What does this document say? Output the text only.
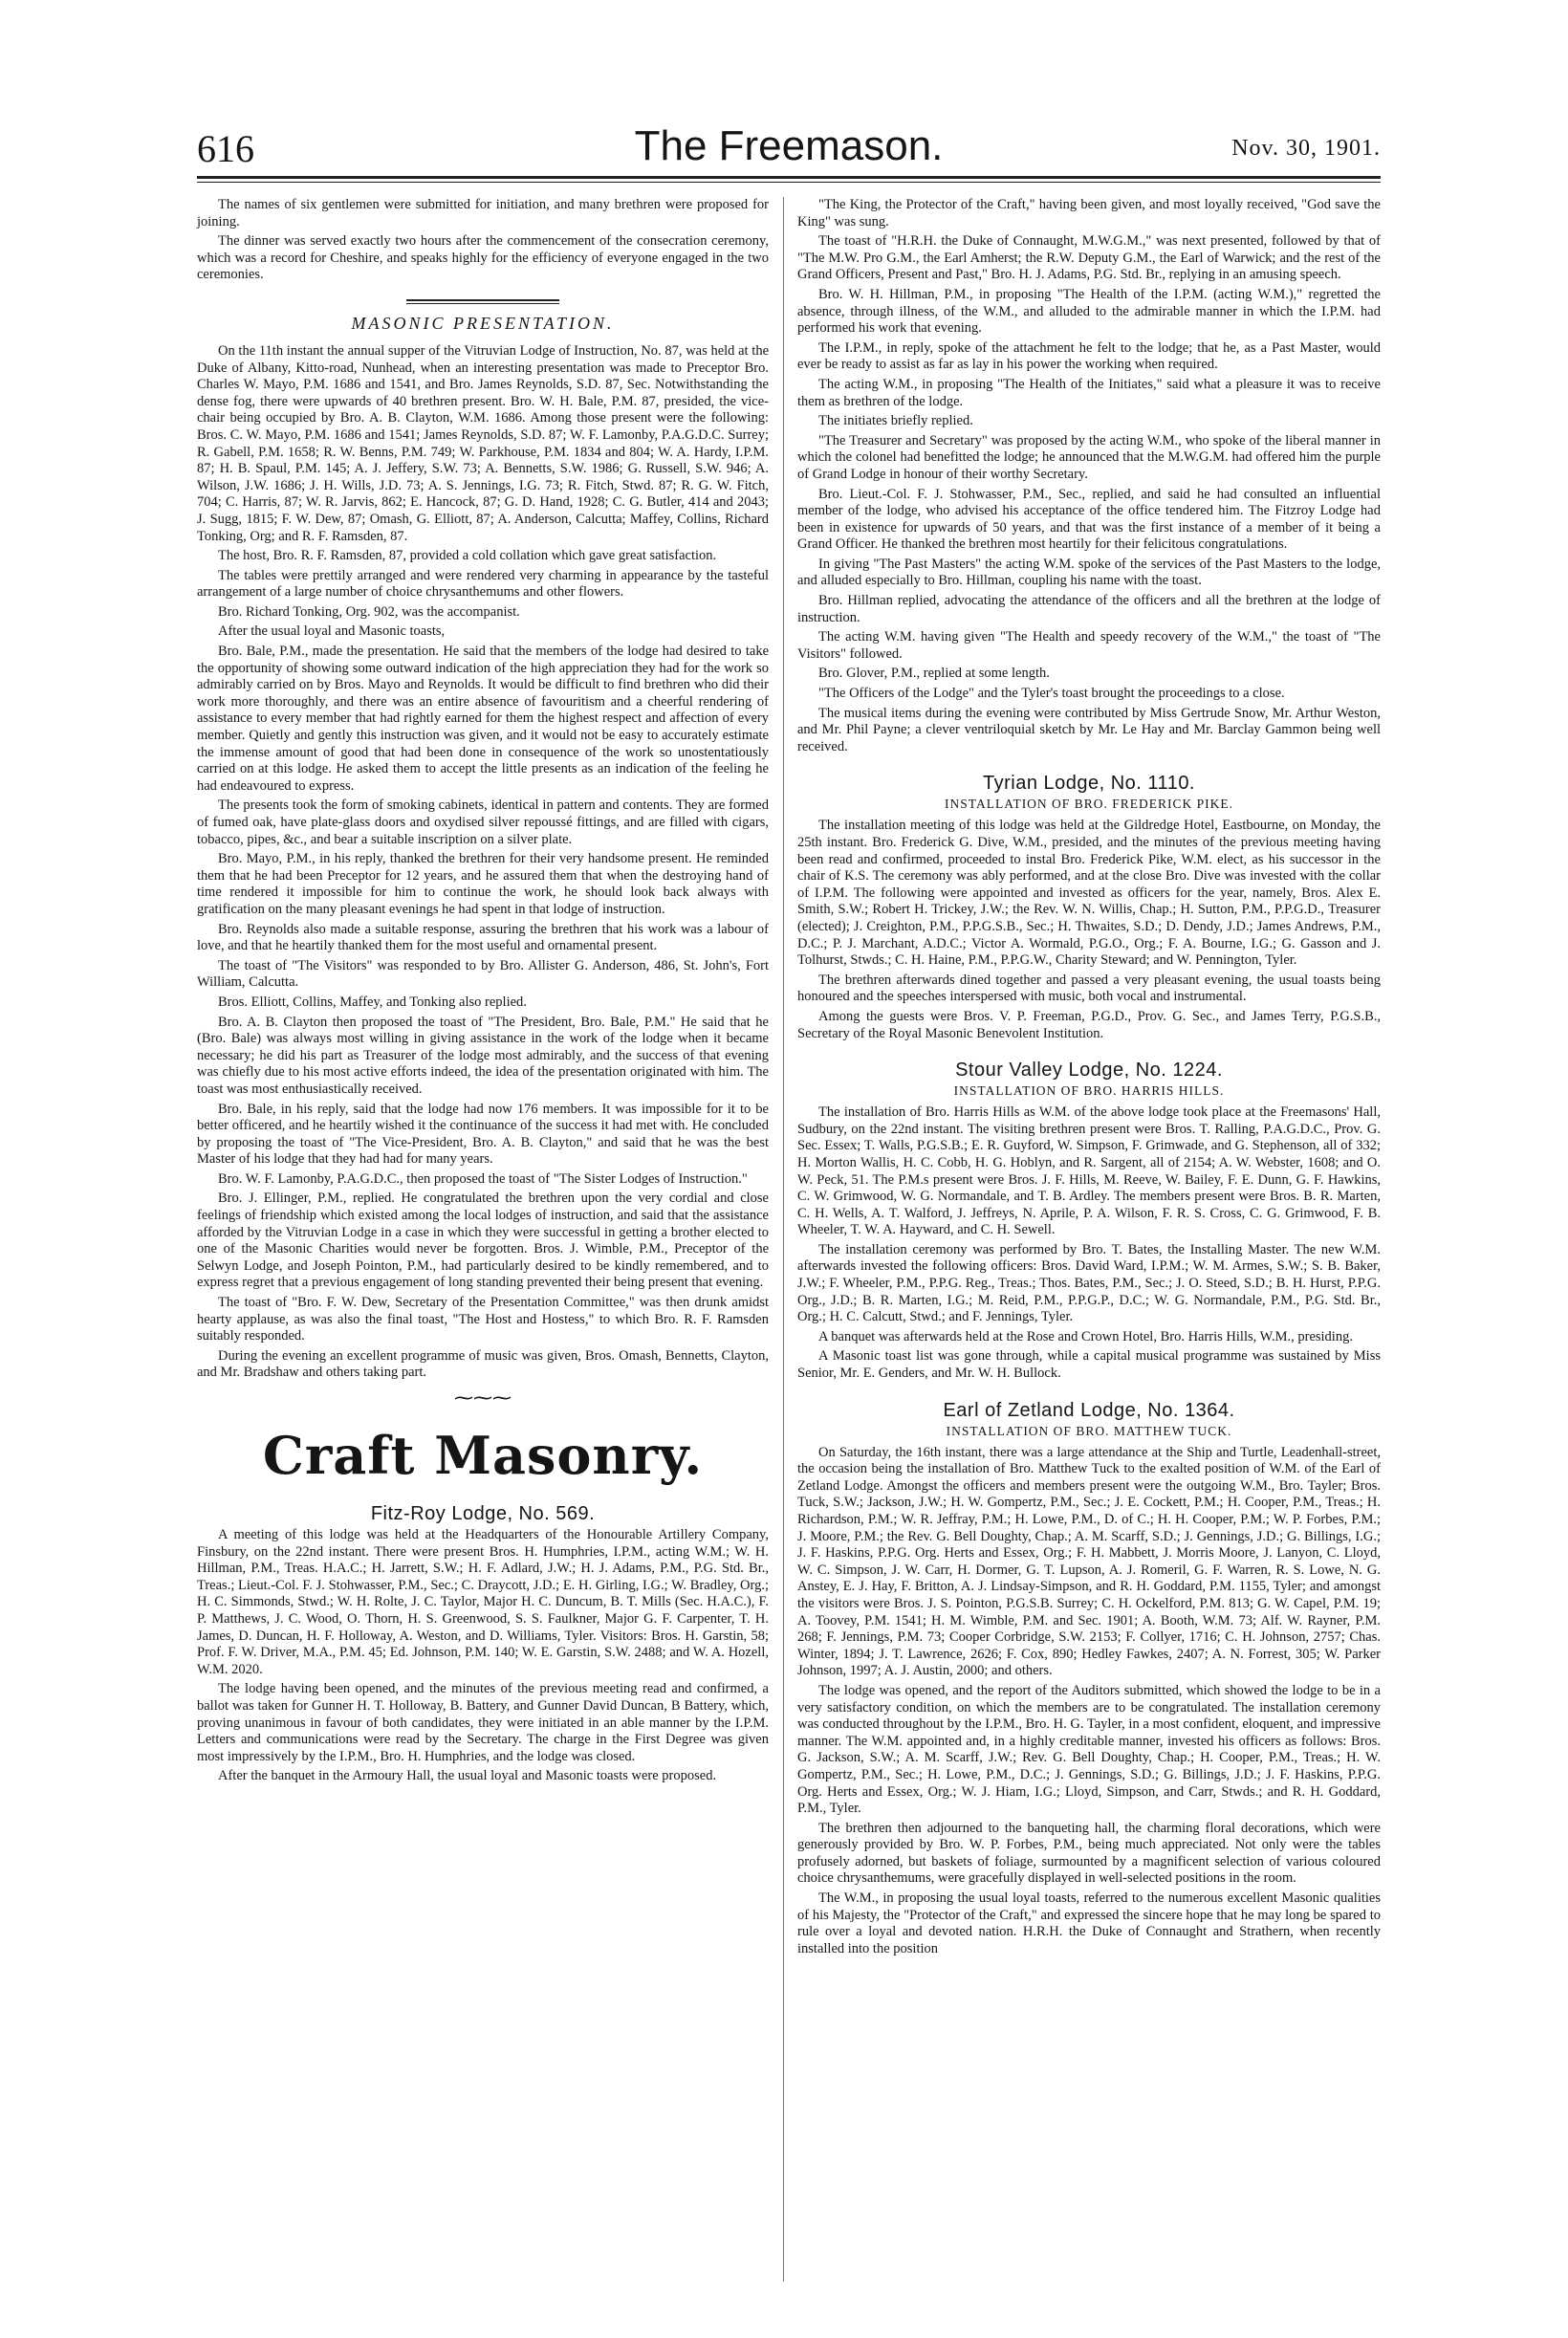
616	The Freemason.	Nov. 30, 1901.

The names of six gentlemen were submitted for initiation, and many brethren were proposed for joining.

The dinner was served exactly two hours after the commencement of the consecration ceremony, which was a record for Cheshire, and speaks highly for the efficiency of everyone engaged in the two ceremonies.

MASONIC PRESENTATION.

On the 11th instant the annual supper of the Vitruvian Lodge of Instruction, No. 87, was held at the Duke of Albany, Kitto-road, Nunhead, when an interesting presentation was made to Preceptor Bro. Charles W. Mayo, P.M. 1686 and 1541, and Bro. James Reynolds, S.D. 87, Sec. Notwithstanding the dense fog, there were upwards of 40 brethren present. Bro. W. H. Bale, P.M. 87, presided, the vice-chair being occupied by Bro. A. B. Clayton, W.M. 1686. Among those present were the following: Bros. C. W. Mayo, P.M. 1686 and 1541; James Reynolds, S.D. 87; W. F. Lamonby, P.A.G.D.C. Surrey; R. Gabell, P.M. 1658; R. W. Benns, P.M. 749; W. Parkhouse, P.M. 1834 and 804; W. A. Hardy, I.P.M. 87; H. B. Spaul, P.M. 145; A. J. Jeffery, S.W. 73; A. Bennetts, S.W. 1986; G. Russell, S.W. 946; A. Wilson, J.W. 1686; J. H. Wills, J.D. 73; A. S. Jennings, I.G. 73; R. Fitch, Stwd. 87; R. G. W. Fitch, 704; C. Harris, 87; W. R. Jarvis, 862; E. Hancock, 87; G. D. Hand, 1928; C. G. Butler, 414 and 2043; J. Sugg, 1815; F. W. Dew, 87; Omash, G. Elliott, 87; A. Anderson, Calcutta; Maffey, Collins, Richard Tonking, Org; and R. F. Ramsden, 87.

The host, Bro. R. F. Ramsden, 87, provided a cold collation which gave great satisfaction.

The tables were prettily arranged and were rendered very charming in appearance by the tasteful arrangement of a large number of choice chrysanthemums and other flowers.

Bro. Richard Tonking, Org. 902, was the accompanist.

After the usual loyal and Masonic toasts,

Bro. Bale, P.M., made the presentation. He said that the members of the lodge had desired to take the opportunity of showing some outward indication of the high appreciation they had for the work so admirably carried on by Bros. Mayo and Reynolds. It would be difficult to find brethren who did their work more thoroughly, and there was an entire absence of favouritism and a cheerful rendering of assistance to every member that had rightly earned for them the highest respect and affection of every member. Quietly and gently this instruction was given, and it would not be easy to accurately estimate the immense amount of good that had been done in consequence of the work so unostentatiously carried on at this lodge. He asked them to accept the little presents as an indication of the feeling he had endeavoured to express.

The presents took the form of smoking cabinets, identical in pattern and contents. They are formed of fumed oak, have plate-glass doors and oxydised silver repoussé fittings, and are filled with cigars, tobacco, pipes, &c., and bear a suitable inscription on a silver plate.

Bro. Mayo, P.M., in his reply, thanked the brethren for their very handsome present. He reminded them that he had been Preceptor for 12 years, and he assured them that when the destroying hand of time rendered it impossible for him to continue the work, he should look back always with gratification on the many pleasant evenings he had spent in that lodge of instruction.

Bro. Reynolds also made a suitable response, assuring the brethren that his work was a labour of love, and that he heartily thanked them for the most useful and ornamental present.

The toast of "The Visitors" was responded to by Bro. Allister G. Anderson, 486, St. John's, Fort William, Calcutta.

Bros. Elliott, Collins, Maffey, and Tonking also replied.

Bro. A. B. Clayton then proposed the toast of "The President, Bro. Bale, P.M." He said that he (Bro. Bale) was always most willing in giving assistance in the work of the lodge when it became necessary; he did his part as Treasurer of the lodge most admirably, and the success of that evening was chiefly due to his most active efforts indeed, the idea of the presentation originated with him. The toast was most enthusiastically received.

Bro. Bale, in his reply, said that the lodge had now 176 members. It was impossible for it to be better officered, and he heartily wished it the continuance of the success it had met with. He concluded by proposing the toast of "The Vice-President, Bro. A. B. Clayton," and said that he was the best Master of his lodge that they had had for many years.

Bro. W. F. Lamonby, P.A.G.D.C., then proposed the toast of "The Sister Lodges of Instruction."

Bro. J. Ellinger, P.M., replied. He congratulated the brethren upon the very cordial and close feelings of friendship which existed among the local lodges of instruction, and said that the assistance afforded by the Vitruvian Lodge in a case in which they were successful in getting a brother elected to one of the Masonic Charities would never be forgotten. Bros. J. Wimble, P.M., Preceptor of the Selwyn Lodge, and Joseph Pointon, P.M., had particularly desired to be kindly remembered, and to express regret that a previous engagement of long standing prevented their being present that evening.

The toast of "Bro. F. W. Dew, Secretary of the Presentation Committee," was then drunk amidst hearty applause, as was also the final toast, "The Host and Hostess," to which Bro. R. F. Ramsden suitably responded.

During the evening an excellent programme of music was given, Bros. Omash, Bennetts, Clayton, and Mr. Bradshaw and others taking part.

⁓⁓⁓
Craft Masonry.
Fitz-Roy Lodge, No. 569.

A meeting of this lodge was held at the Headquarters of the Honourable Artillery Company, Finsbury, on the 22nd instant. There were present Bros. H. Humphries, I.P.M., acting W.M.; W. H. Hillman, P.M., Treas. H.A.C.; H. Jarrett, S.W.; H. F. Adlard, J.W.; H. J. Adams, P.M., P.G. Std. Br., Treas.; Lieut.-Col. F. J. Stohwasser, P.M., Sec.; C. Draycott, J.D.; E. H. Girling, I.G.; W. Bradley, Org.; H. C. Simmonds, Stwd.; W. H. Rolte, J. C. Taylor, Major H. C. Duncum, B. T. Mills (Sec. H.A.C.), F. P. Matthews, J. C. Wood, O. Thorn, H. S. Greenwood, S. S. Faulkner, Major G. F. Carpenter, T. H. James, D. Duncan, H. F. Holloway, A. Weston, and D. Williams, Tyler. Visitors: Bros. H. Garstin, 58; Prof. F. W. Driver, M.A., P.M. 45; Ed. Johnson, P.M. 140; W. E. Garstin, S.W. 2488; and W. A. Hozell, W.M. 2020.

The lodge having been opened, and the minutes of the previous meeting read and confirmed, a ballot was taken for Gunner H. T. Holloway, B. Battery, and Gunner David Duncan, B Battery, which, proving unanimous in favour of both candidates, they were initiated in an able manner by the I.P.M. Letters and communications were read by the Secretary. The charge in the First Degree was given most impressively by the I.P.M., Bro. H. Humphries, and the lodge was closed.

After the banquet in the Armoury Hall, the usual loyal and Masonic toasts were proposed.

"The King, the Protector of the Craft," having been given, and most loyally received, "God save the King" was sung.

The toast of "H.R.H. the Duke of Connaught, M.W.G.M.," was next presented, followed by that of "The M.W. Pro G.M., the Earl Amherst; the R.W. Deputy G.M., the Earl of Warwick; and the rest of the Grand Officers, Present and Past," Bro. H. J. Adams, P.G. Std. Br., replying in an amusing speech.

Bro. W. H. Hillman, P.M., in proposing "The Health of the I.P.M. (acting W.M.)," regretted the absence, through illness, of the W.M., and alluded to the admirable manner in which the I.P.M. had performed his work that evening.

The I.P.M., in reply, spoke of the attachment he felt to the lodge; that he, as a Past Master, would ever be ready to assist as far as lay in his power the working when required.

The acting W.M., in proposing "The Health of the Initiates," said what a pleasure it was to receive them as brethren of the lodge.

The initiates briefly replied.

"The Treasurer and Secretary" was proposed by the acting W.M., who spoke of the liberal manner in which the colonel had benefitted the lodge; he announced that the M.W.G.M. had offered him the purple of Grand Lodge in honour of their worthy Secretary.

Bro. Lieut.-Col. F. J. Stohwasser, P.M., Sec., replied, and said he had consulted an influential member of the lodge, who advised his acceptance of the office tendered him. The Fitzroy Lodge had been in existence for upwards of 50 years, and that was the first instance of a member of it being a Grand Officer. He thanked the brethren most heartily for their felicitous congratulations.

In giving "The Past Masters" the acting W.M. spoke of the services of the Past Masters to the lodge, and alluded especially to Bro. Hillman, coupling his name with the toast.

Bro. Hillman replied, advocating the attendance of the officers and all the brethren at the lodge of instruction.

The acting W.M. having given "The Health and speedy recovery of the W.M.," the toast of "The Visitors" followed.

Bro. Glover, P.M., replied at some length.

"The Officers of the Lodge" and the Tyler's toast brought the proceedings to a close.

The musical items during the evening were contributed by Miss Gertrude Snow, Mr. Arthur Weston, and Mr. Phil Payne; a clever ventriloquial sketch by Mr. Le Hay and Mr. Barclay Gammon being well received.

Tyrian Lodge, No. 1110.
INSTALLATION OF BRO. FREDERICK PIKE.

The installation meeting of this lodge was held at the Gildredge Hotel, Eastbourne, on Monday, the 25th instant. Bro. Frederick G. Dive, W.M., presided, and the minutes of the previous meeting having been read and confirmed, proceeded to instal Bro. Frederick Pike, W.M. elect, as his successor in the chair of K.S. The ceremony was ably performed, and at the close Bro. Dive was invested with the collar of I.P.M. The following were appointed and invested as officers for the year, namely, Bros. Alex E. Smith, S.W.; Robert H. Trickey, J.W.; the Rev. W. N. Willis, Chap.; H. Sutton, P.M., P.P.G.D., Treasurer (elected); J. Creighton, P.M., P.P.G.S.B., Sec.; H. Thwaites, S.D.; D. Dendy, J.D.; James Andrews, P.M., D.C.; P. J. Marchant, A.D.C.; Victor A. Wormald, P.G.O., Org.; F. A. Bourne, I.G.; G. Gasson and J. Tolhurst, Stwds.; C. H. Haine, P.M., P.P.G.W., Charity Steward; and W. Pennington, Tyler.

The brethren afterwards dined together and passed a very pleasant evening, the usual toasts being honoured and the speeches interspersed with music, both vocal and instrumental.

Among the guests were Bros. V. P. Freeman, P.G.D., Prov. G. Sec., and James Terry, P.G.S.B., Secretary of the Royal Masonic Benevolent Institution.

Stour Valley Lodge, No. 1224.
INSTALLATION OF BRO. HARRIS HILLS.

The installation of Bro. Harris Hills as W.M. of the above lodge took place at the Freemasons' Hall, Sudbury, on the 22nd instant. The visiting brethren present were Bros. T. Ralling, P.A.G.D.C., Prov. G. Sec. Essex; T. Walls, P.G.S.B.; E. R. Guyford, W. Simpson, F. Grimwade, and G. Stephenson, all of 332; H. Morton Wallis, H. C. Cobb, H. G. Hoblyn, and R. Sargent, all of 2154; A. W. Webster, 1608; and O. W. Peck, 51. The P.M.s present were Bros. J. F. Hills, M. Reeve, W. Bailey, F. E. Dunn, G. F. Hawkins, C. W. Grimwood, W. G. Normandale, and T. B. Ardley. The members present were Bros. B. R. Marten, C. H. Wells, A. T. Walford, J. Jeffreys, N. Aprile, P. A. Wilson, F. R. S. Cross, C. G. Grimwood, F. B. Wheeler, T. W. A. Hayward, and C. H. Sewell.

The installation ceremony was performed by Bro. T. Bates, the Installing Master. The new W.M. afterwards invested the following officers: Bros. David Ward, I.P.M.; W. M. Armes, S.W.; S. B. Baker, J.W.; F. Wheeler, P.M., P.P.G. Reg., Treas.; Thos. Bates, P.M., Sec.; J. O. Steed, S.D.; B. H. Hurst, P.P.G. Org., J.D.; B. R. Marten, I.G.; M. Reid, P.M., P.P.G.P., D.C.; W. G. Normandale, P.M., P.G. Std. Br., Org.; H. C. Calcutt, Stwd.; and F. Jennings, Tyler.

A banquet was afterwards held at the Rose and Crown Hotel, Bro. Harris Hills, W.M., presiding.

A Masonic toast list was gone through, while a capital musical programme was sustained by Miss Senior, Mr. E. Genders, and Mr. W. H. Bullock.

Earl of Zetland Lodge, No. 1364.
INSTALLATION OF BRO. MATTHEW TUCK.

On Saturday, the 16th instant, there was a large attendance at the Ship and Turtle, Leadenhall-street, the occasion being the installation of Bro. Matthew Tuck to the exalted position of W.M. of the Earl of Zetland Lodge. Amongst the officers and members present were the outgoing W.M., Bro. Tayler; Bros. Tuck, S.W.; Jackson, J.W.; H. W. Gompertz, P.M., Sec.; J. E. Cockett, P.M.; H. Cooper, P.M., Treas.; H. Richardson, P.M.; W. R. Jeffray, P.M.; H. Lowe, P.M., D. of C.; H. H. Cooper, P.M.; W. P. Forbes, P.M.; J. Moore, P.M.; the Rev. G. Bell Doughty, Chap.; A. M. Scarff, S.D.; J. Gennings, J.D.; G. Billings, I.G.; J. F. Haskins, P.P.G. Org. Herts and Essex, Org.; F. H. Mabbett, J. Morris Moore, J. Lanyon, C. Lloyd, W. C. Simpson, J. W. Carr, H. Dormer, G. T. Lupson, A. J. Romeril, G. F. Warren, R. S. Lowe, N. G. Anstey, E. J. Hay, F. Britton, A. J. Lindsay-Simpson, and R. H. Goddard, P.M. 1155, Tyler; and amongst the visitors were Bros. J. S. Pointon, P.G.S.B. Surrey; C. H. Ockelford, P.M. 813; G. W. Capel, P.M. 19; A. Toovey, P.M. 1541; H. M. Wimble, P.M. and Sec. 1901; A. Booth, W.M. 73; Alf. W. Rayner, P.M. 268; F. Jennings, P.M. 73; Cooper Corbridge, S.W. 2153; F. Collyer, 1716; C. H. Johnson, 2757; Chas. Winter, 1894; J. T. Lawrence, 2626; F. Cox, 890; Hedley Fawkes, 2407; A. N. Forrest, 305; W. Parker Johnson, 1997; A. J. Austin, 2000; and others.

The lodge was opened, and the report of the Auditors submitted, which showed the lodge to be in a very satisfactory condition, on which the members are to be congratulated. The installation ceremony was conducted throughout by the I.P.M., Bro. H. G. Tayler, in a most confident, eloquent, and impressive manner. The W.M. appointed and, in a highly creditable manner, invested his officers as follows: Bros. G. Jackson, S.W.; A. M. Scarff, J.W.; Rev. G. Bell Doughty, Chap.; H. Cooper, P.M., Treas.; H. W. Gompertz, P.M., Sec.; H. Lowe, P.M., D.C.; J. Gennings, S.D.; G. Billings, J.D.; J. F. Haskins, P.P.G. Org. Herts and Essex, Org.; W. J. Hiam, I.G.; Lloyd, Simpson, and Carr, Stwds.; and R. H. Goddard, P.M., Tyler.

The brethren then adjourned to the banqueting hall, the charming floral decorations, which were generously provided by Bro. W. P. Forbes, P.M., being much appreciated. Not only were the tables profusely adorned, but baskets of foliage, surmounted by a magnificent selection of various coloured choice chrysanthemums, were gracefully displayed in well-selected positions in the room.

The W.M., in proposing the usual loyal toasts, referred to the numerous excellent Masonic qualities of his Majesty, the "Protector of the Craft," and expressed the sincere hope that he may long be spared to rule over a loyal and devoted nation. H.R.H. the Duke of Connaught and Strathern, when recently installed into the position
